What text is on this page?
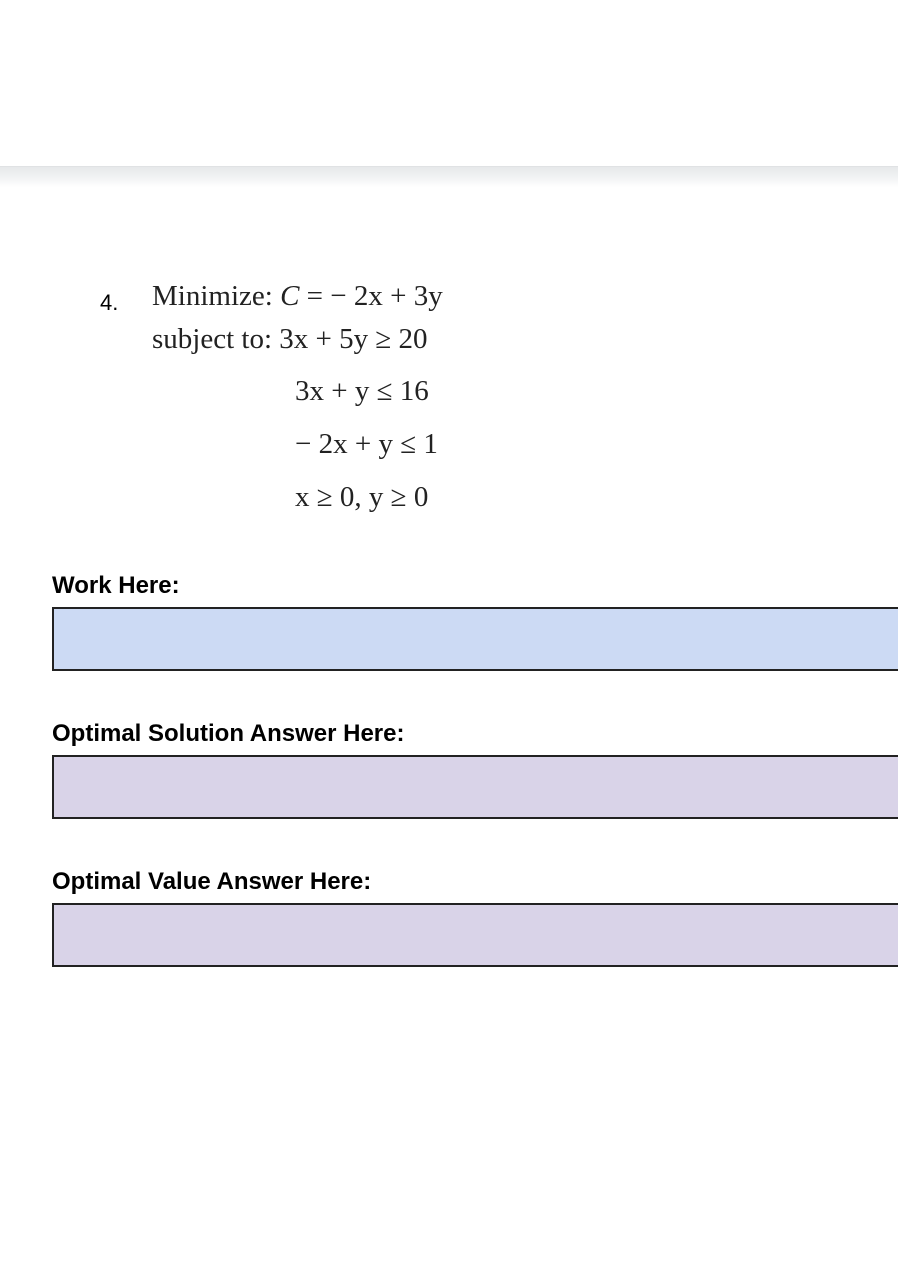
4. Minimize: C = − 2x + 3y
subject to: 3x + 5y ≥ 20
3x + y ≤ 16
− 2x + y ≤ 1
x ≥ 0, y ≥ 0
Work Here:
Optimal Solution Answer Here:
Optimal Value Answer Here:
